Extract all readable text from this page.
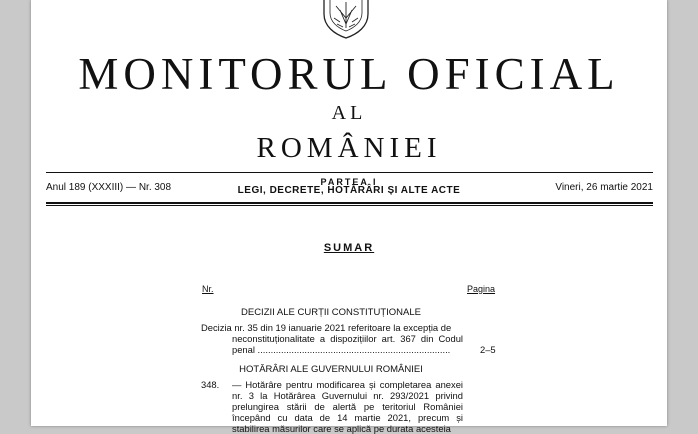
MONITORUL OFICIAL
AL
ROMÂNIEI
Anul 189 (XXXIII) — Nr. 308	PARTEA I
LEGI, DECRETE, HOTĂRÂRI ȘI ALTE ACTE	Vineri, 26 martie 2021
SUMAR
Nr.	Pagina
DECIZII ALE CURȚII CONSTITUȚIONALE
Decizia nr. 35 din 19 ianuarie 2021 referitoare la excepția de
neconstituționalitate a dispozițiilor art. 367 din Codul penal ..........................................................................	2–5
HOTĂRÂRI ALE GUVERNULUI ROMÂNIEI
348. — Hotărâre pentru modificarea și completarea anexei nr. 3 la Hotărârea Guvernului nr. 293/2021 privind prelungirea stării de alertă pe teritoriul României începând cu data de 14 martie 2021, precum și stabilirea măsurilor care se aplică pe durata acesteia
